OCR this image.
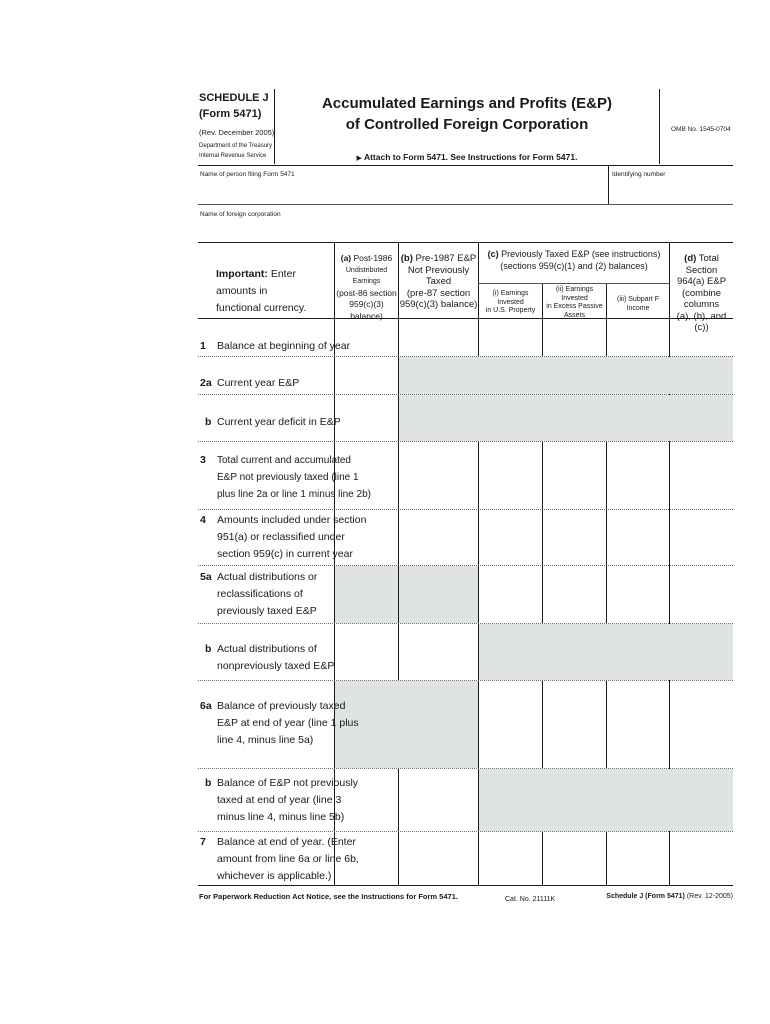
SCHEDULE J
(Form 5471)
(Rev. December 2005)
Department of the Treasury
Internal Revenue Service
Accumulated Earnings and Profits (E&P)
of Controlled Foreign Corporation
▶ Attach to Form 5471. See Instructions for Form 5471.
OMB No. 1545-0704
Name of person filing Form 5471	Identifying number
Name of foreign corporation
Important: Enter amounts in
functional currency.
(a) Post-1986
Undistributed Earnings
(post-86 section
959(c)(3) balance)
(b) Pre-1987 E&P
Not Previously Taxed
(pre-87 section
959(c)(3) balance)
(c) Previously Taxed E&P (see instructions)
(sections 959(c)(1) and (2) balances)
(i) Earnings Invested
in U.S. Property
(ii) Earnings Invested
in Excess Passive
Assets
(iii) Subpart F Income
(d) Total Section
964(a) E&P
(combine columns
(a), (b), and (c))
1 Balance at beginning of year
2a Current year E&P
b Current year deficit in E&P
3 Total current and accumulated
E&P not previously taxed (line 1
plus line 2a or line 1 minus line 2b)
4 Amounts included under section
951(a) or reclassified under
section 959(c) in current year
5a Actual distributions or
reclassifications of
previously taxed E&P
b Actual distributions of
nonpreviously taxed E&P
6a Balance of previously taxed
E&P at end of year (line 1 plus
line 4, minus line 5a)
b Balance of E&P not previously
taxed at end of year (line 3
minus line 4, minus line 5b)
7 Balance at end of year. (Enter
amount from line 6a or line 6b,
whichever is applicable.)
For Paperwork Reduction Act Notice, see the Instructions for Form 5471.	Cat. No. 21111K	Schedule J (Form 5471) (Rev. 12-2005)
